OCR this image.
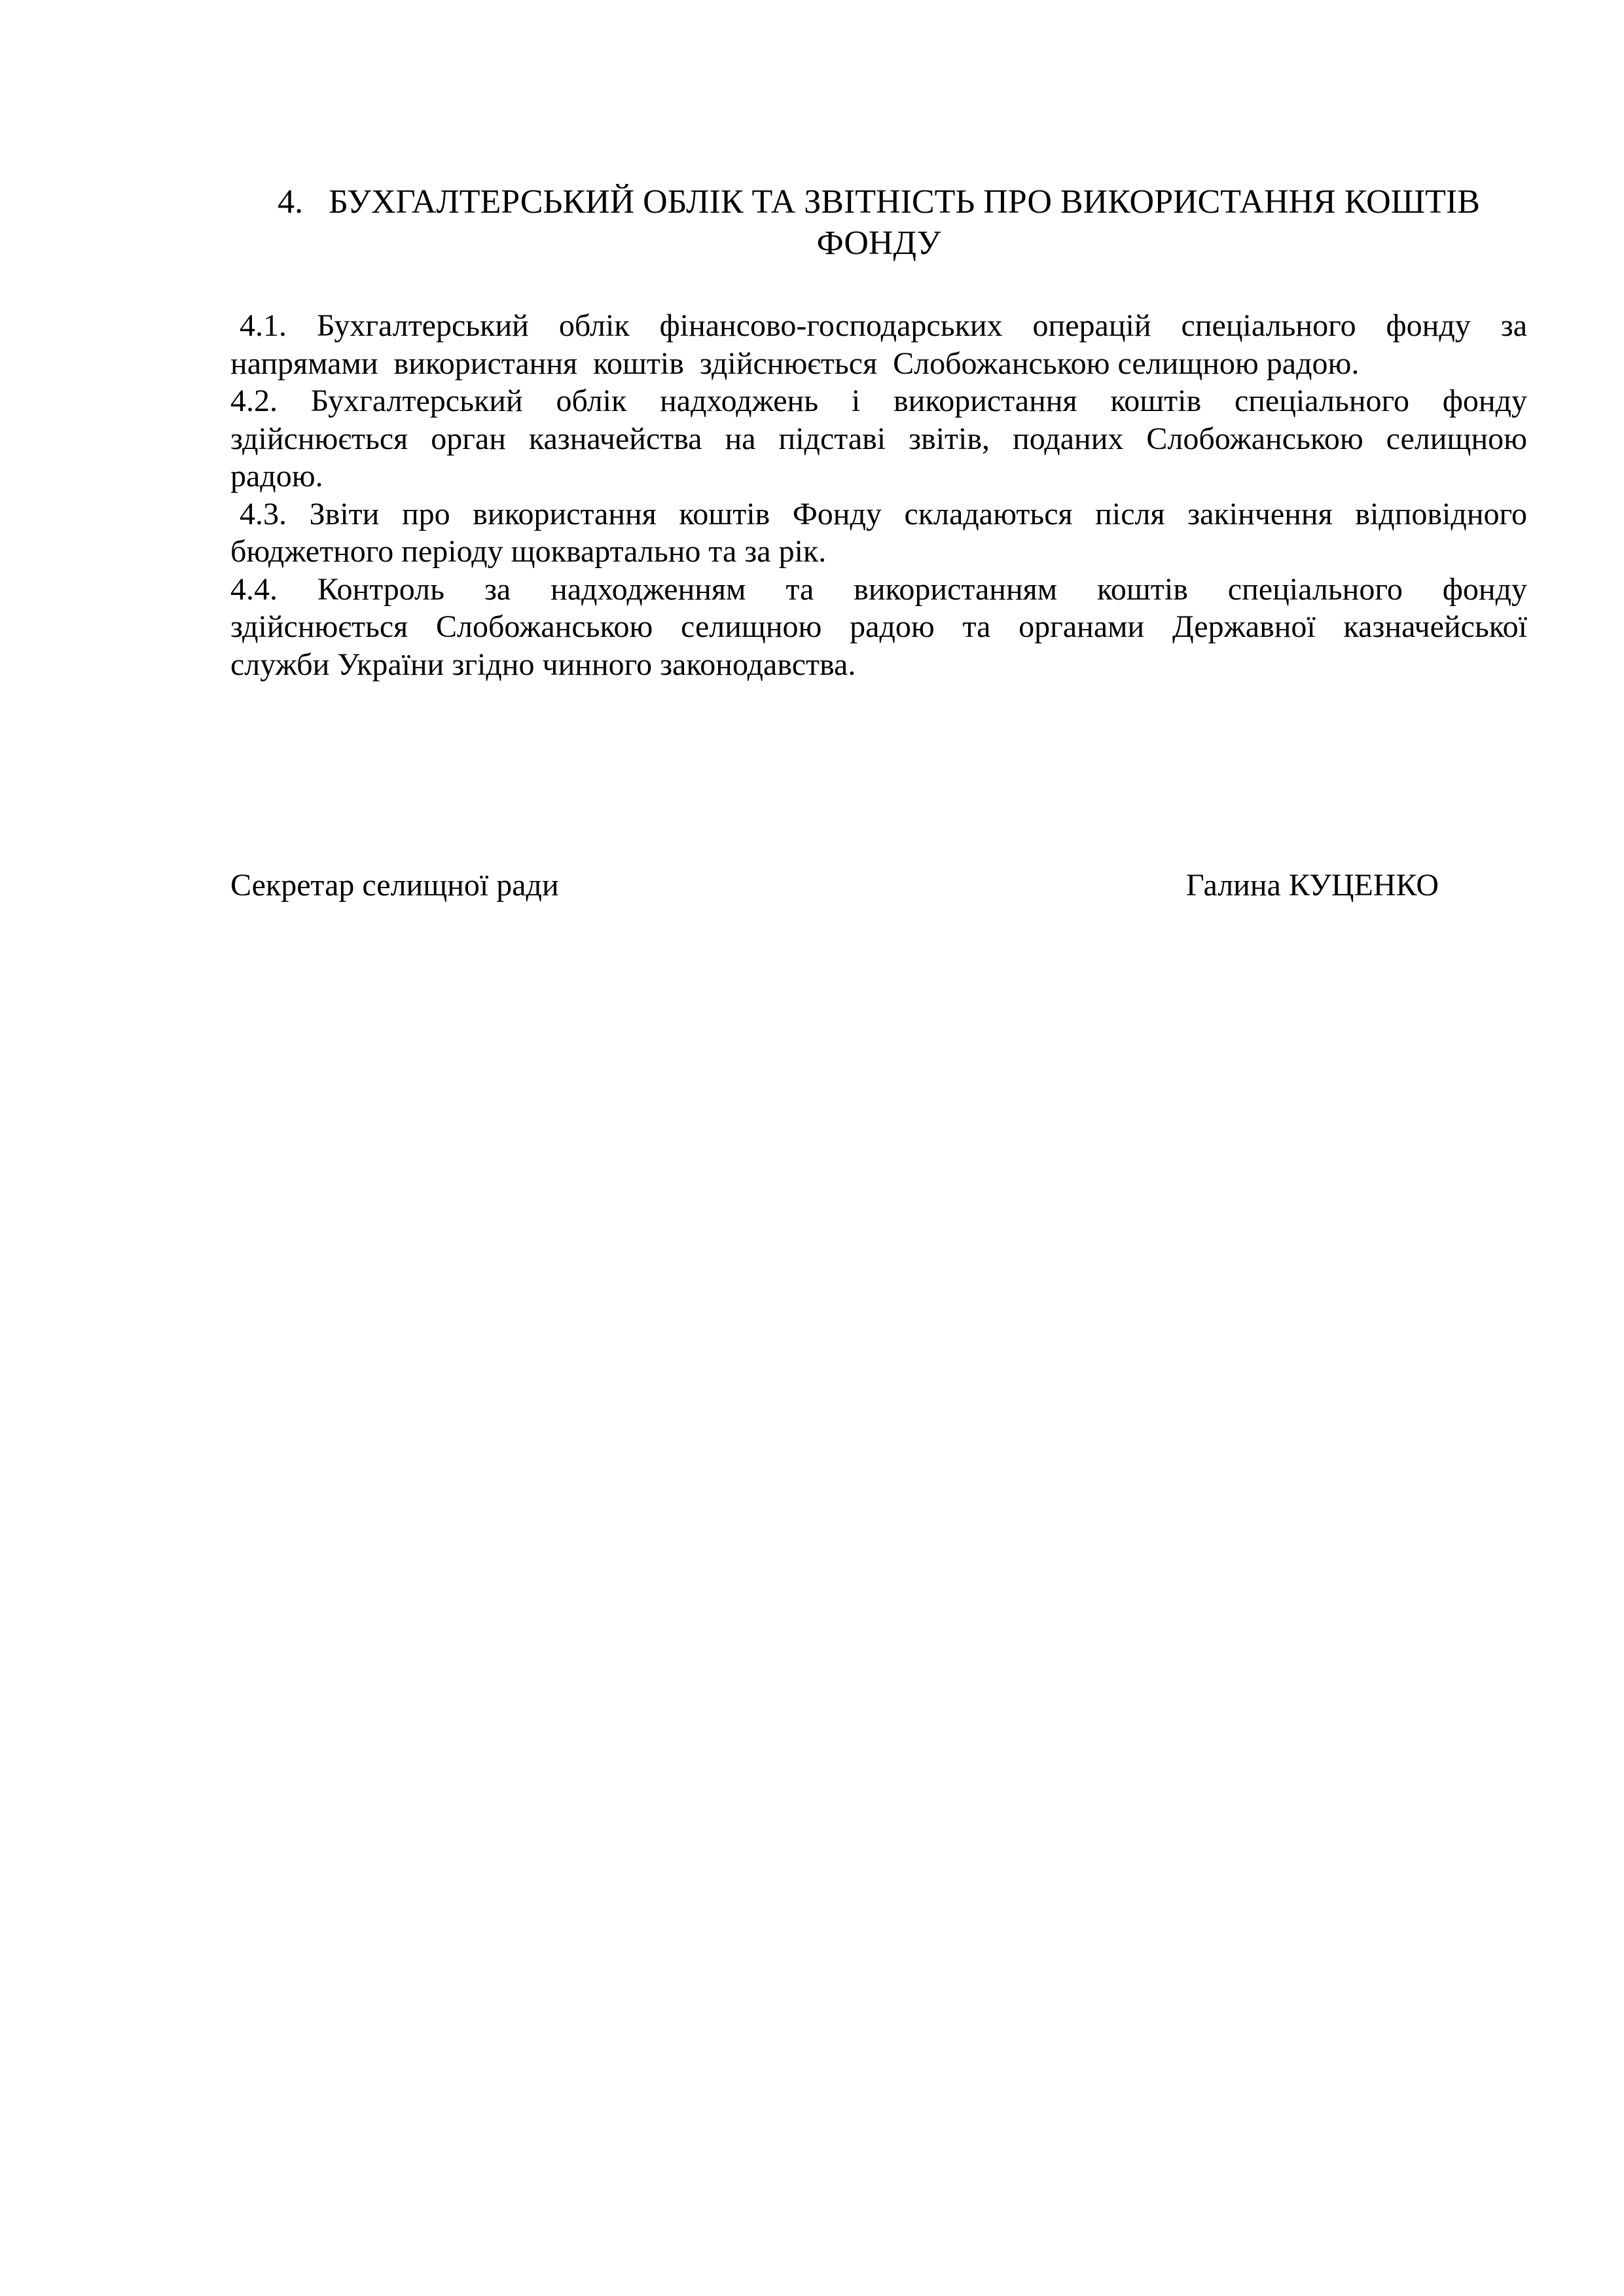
4.   БУХГАЛТЕРСЬКИЙ ОБЛІК ТА ЗВІТНІСТЬ ПРО ВИКОРИСТАННЯ КОШТІВ
ФОНДУ
4.1. Бухгалтерський облік фінансово-господарських операцій спеціального фонду за
напрямами  використання  коштів  здійснюється  Слобожанською селищною радою.
4.2. Бухгалтерський облік надходжень і використання коштів спеціального фонду
здійснюється орган казначейства на підставі звітів, поданих Слобожанською селищною
радою.
4.3. Звіти про використання коштів Фонду складаються після закінчення відповідного
бюджетного періоду щоквартально та за рік.
4.4. Контроль за надходженням та використанням коштів спеціального фонду
здійснюється Слобожанською селищною радою та органами Державної казначейської
служби України згідно чинного законодавства.
Секретар селищної ради	Галина КУЦЕНКО
